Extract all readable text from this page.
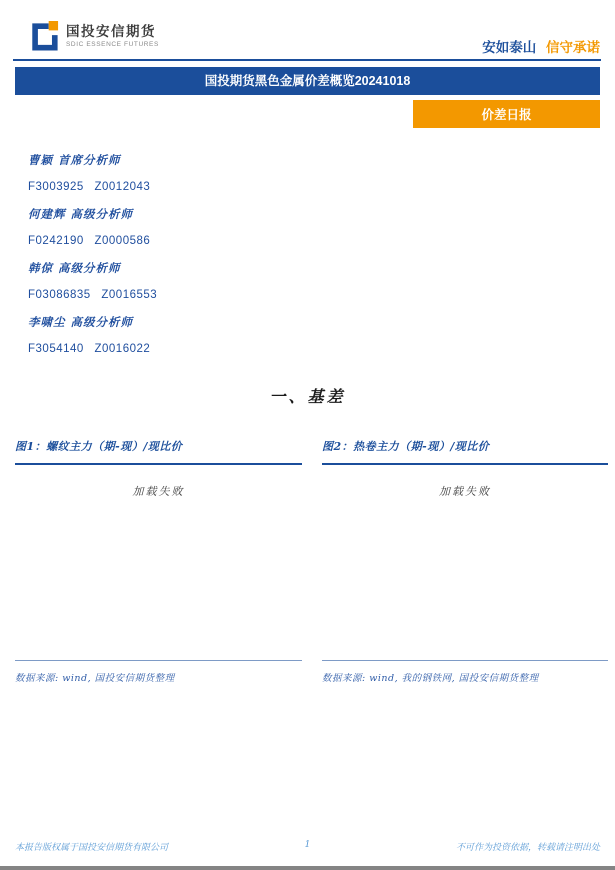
国投安信期货
SDIC ESSENCE FUTURES	安如泰山 信守承诺
国投期货黑色金属价差概览20241018
价差日报
曹颖 首席分析师
F3003925 Z0012043
何建辉 高级分析师
F0242190 Z0000586
韩倞 高级分析师
F03086835 Z0016553
李啸尘 高级分析师
F3054140 Z0016022
一、基差
图1：螺纹主力（期-现）/现比价
加载失败
数据来源: wind, 国投安信期货整理
图2：热卷主力（期-现）/现比价
加载失败
数据来源: wind, 我的钢铁网, 国投安信期货整理
本报告版权属于国投安信期货有限公司	1	不可作为投资依据，转载请注明出处
